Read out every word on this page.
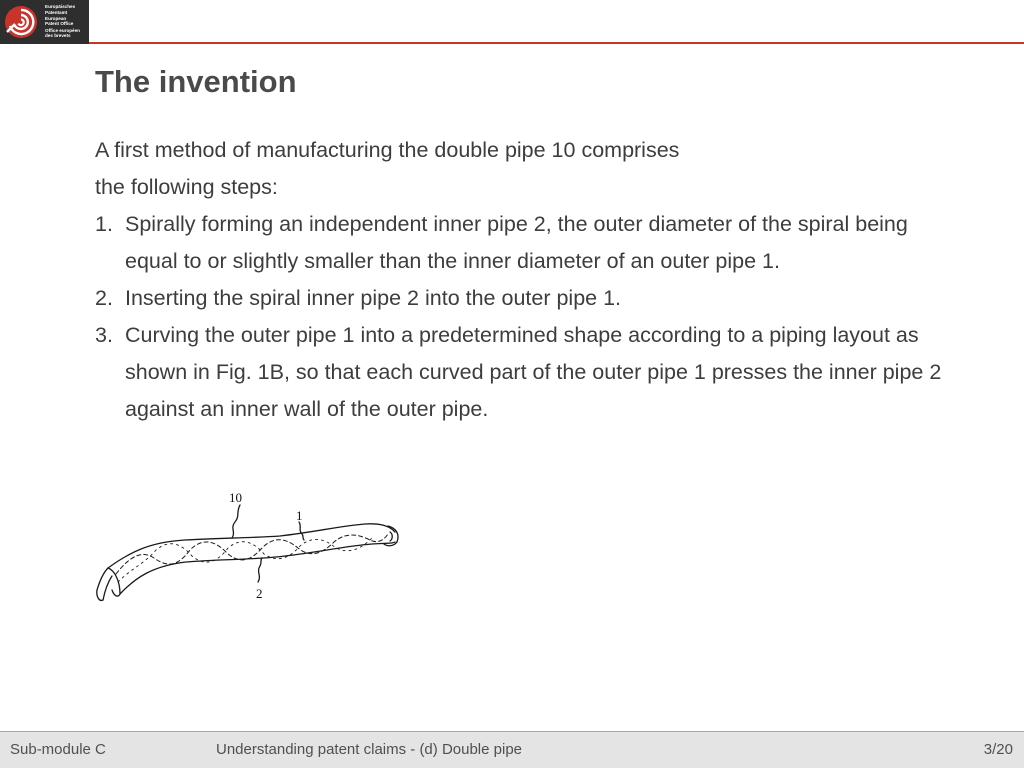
Europäisches
Patentamt
European
Patent Office
Office européen
des brevets
The invention

A first method of manufacturing the double pipe 10 comprises

the following steps:

1. Spirally forming an independent inner pipe 2, the outer diameter of the spiral being equal to or slightly smaller than the inner diameter of an outer pipe 1.
2. Inserting the spiral inner pipe 2 into the outer pipe 1.
3. Curving the outer pipe 1 into a predetermined shape according to a piping layout as shown in Fig. 1B, so that each curved part of the outer pipe 1 presses the inner pipe 2 against an inner wall of the outer pipe.
10
1
2
Sub-module C	Understanding patent claims - (d) Double pipe	3/20
